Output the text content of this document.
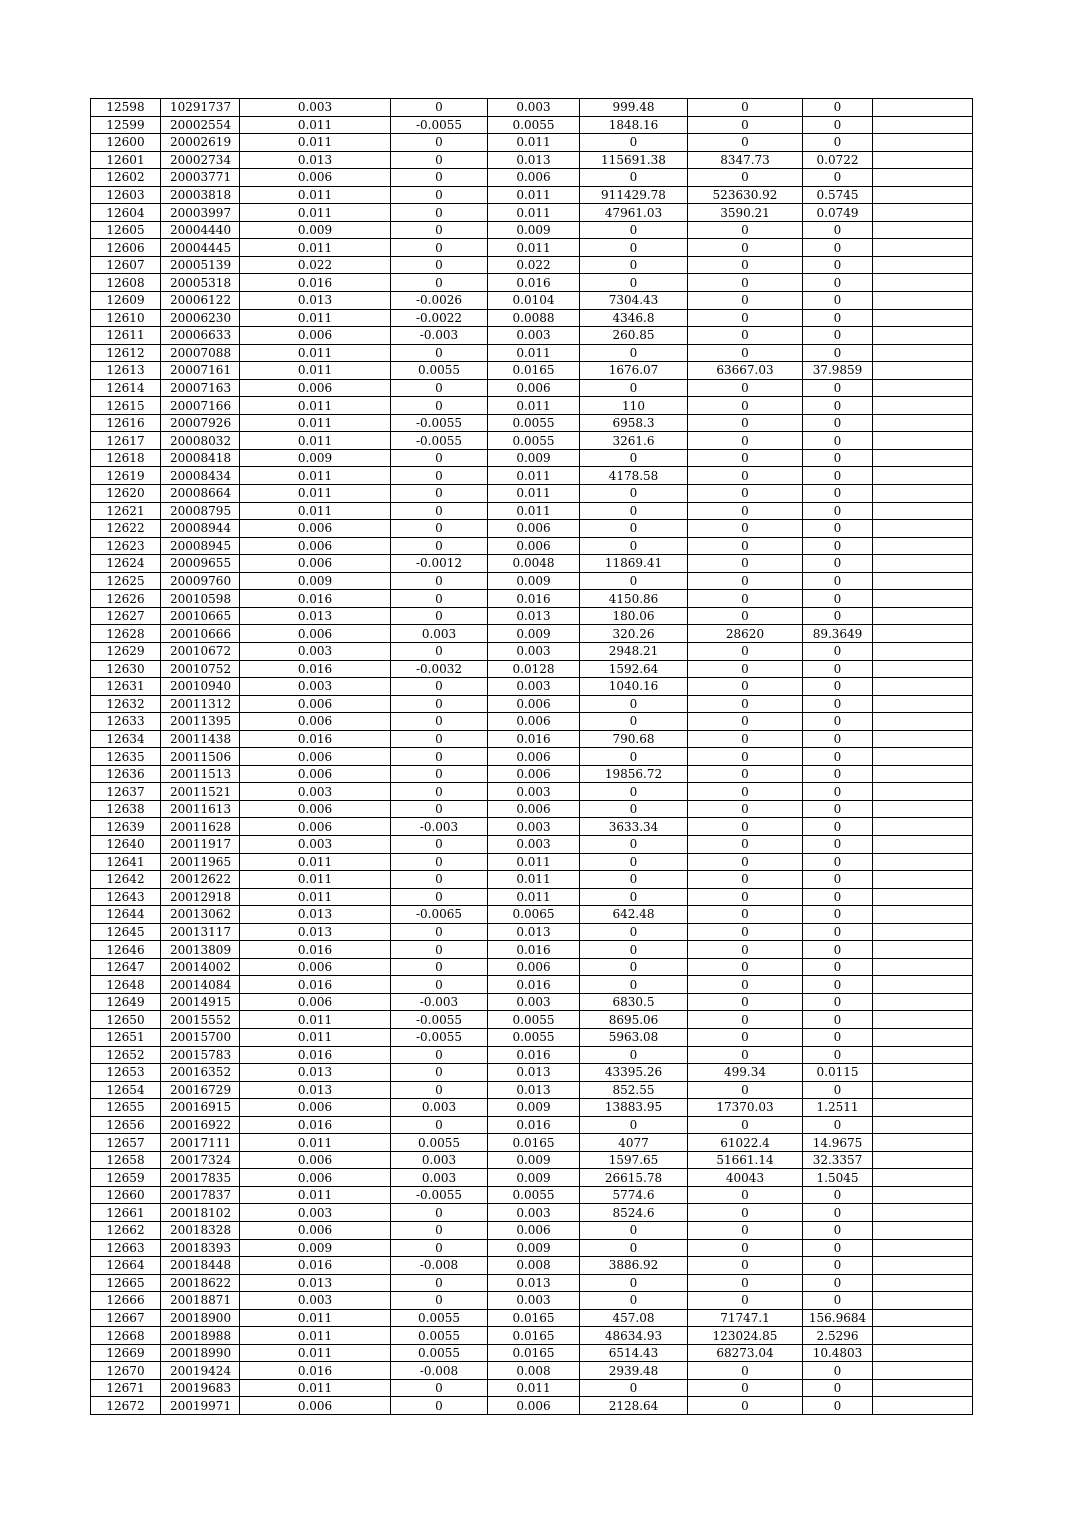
12598	10291737	0.003	0	0.003	999.48	0	0	
12599	20002554	0.011	-0.0055	0.0055	1848.16	0	0	
12600	20002619	0.011	0	0.011	0	0	0	
12601	20002734	0.013	0	0.013	115691.38	8347.73	0.0722	
12602	20003771	0.006	0	0.006	0	0	0	
12603	20003818	0.011	0	0.011	911429.78	523630.92	0.5745	
12604	20003997	0.011	0	0.011	47961.03	3590.21	0.0749	
12605	20004440	0.009	0	0.009	0	0	0	
12606	20004445	0.011	0	0.011	0	0	0	
12607	20005139	0.022	0	0.022	0	0	0	
12608	20005318	0.016	0	0.016	0	0	0	
12609	20006122	0.013	-0.0026	0.0104	7304.43	0	0	
12610	20006230	0.011	-0.0022	0.0088	4346.8	0	0	
12611	20006633	0.006	-0.003	0.003	260.85	0	0	
12612	20007088	0.011	0	0.011	0	0	0	
12613	20007161	0.011	0.0055	0.0165	1676.07	63667.03	37.9859	
12614	20007163	0.006	0	0.006	0	0	0	
12615	20007166	0.011	0	0.011	110	0	0	
12616	20007926	0.011	-0.0055	0.0055	6958.3	0	0	
12617	20008032	0.011	-0.0055	0.0055	3261.6	0	0	
12618	20008418	0.009	0	0.009	0	0	0	
12619	20008434	0.011	0	0.011	4178.58	0	0	
12620	20008664	0.011	0	0.011	0	0	0	
12621	20008795	0.011	0	0.011	0	0	0	
12622	20008944	0.006	0	0.006	0	0	0	
12623	20008945	0.006	0	0.006	0	0	0	
12624	20009655	0.006	-0.0012	0.0048	11869.41	0	0	
12625	20009760	0.009	0	0.009	0	0	0	
12626	20010598	0.016	0	0.016	4150.86	0	0	
12627	20010665	0.013	0	0.013	180.06	0	0	
12628	20010666	0.006	0.003	0.009	320.26	28620	89.3649	
12629	20010672	0.003	0	0.003	2948.21	0	0	
12630	20010752	0.016	-0.0032	0.0128	1592.64	0	0	
12631	20010940	0.003	0	0.003	1040.16	0	0	
12632	20011312	0.006	0	0.006	0	0	0	
12633	20011395	0.006	0	0.006	0	0	0	
12634	20011438	0.016	0	0.016	790.68	0	0	
12635	20011506	0.006	0	0.006	0	0	0	
12636	20011513	0.006	0	0.006	19856.72	0	0	
12637	20011521	0.003	0	0.003	0	0	0	
12638	20011613	0.006	0	0.006	0	0	0	
12639	20011628	0.006	-0.003	0.003	3633.34	0	0	
12640	20011917	0.003	0	0.003	0	0	0	
12641	20011965	0.011	0	0.011	0	0	0	
12642	20012622	0.011	0	0.011	0	0	0	
12643	20012918	0.011	0	0.011	0	0	0	
12644	20013062	0.013	-0.0065	0.0065	642.48	0	0	
12645	20013117	0.013	0	0.013	0	0	0	
12646	20013809	0.016	0	0.016	0	0	0	
12647	20014002	0.006	0	0.006	0	0	0	
12648	20014084	0.016	0	0.016	0	0	0	
12649	20014915	0.006	-0.003	0.003	6830.5	0	0	
12650	20015552	0.011	-0.0055	0.0055	8695.06	0	0	
12651	20015700	0.011	-0.0055	0.0055	5963.08	0	0	
12652	20015783	0.016	0	0.016	0	0	0	
12653	20016352	0.013	0	0.013	43395.26	499.34	0.0115	
12654	20016729	0.013	0	0.013	852.55	0	0	
12655	20016915	0.006	0.003	0.009	13883.95	17370.03	1.2511	
12656	20016922	0.016	0	0.016	0	0	0	
12657	20017111	0.011	0.0055	0.0165	4077	61022.4	14.9675	
12658	20017324	0.006	0.003	0.009	1597.65	51661.14	32.3357	
12659	20017835	0.006	0.003	0.009	26615.78	40043	1.5045	
12660	20017837	0.011	-0.0055	0.0055	5774.6	0	0	
12661	20018102	0.003	0	0.003	8524.6	0	0	
12662	20018328	0.006	0	0.006	0	0	0	
12663	20018393	0.009	0	0.009	0	0	0	
12664	20018448	0.016	-0.008	0.008	3886.92	0	0	
12665	20018622	0.013	0	0.013	0	0	0	
12666	20018871	0.003	0	0.003	0	0	0	
12667	20018900	0.011	0.0055	0.0165	457.08	71747.1	156.9684	
12668	20018988	0.011	0.0055	0.0165	48634.93	123024.85	2.5296	
12669	20018990	0.011	0.0055	0.0165	6514.43	68273.04	10.4803	
12670	20019424	0.016	-0.008	0.008	2939.48	0	0	
12671	20019683	0.011	0	0.011	0	0	0	
12672	20019971	0.006	0	0.006	2128.64	0	0	
